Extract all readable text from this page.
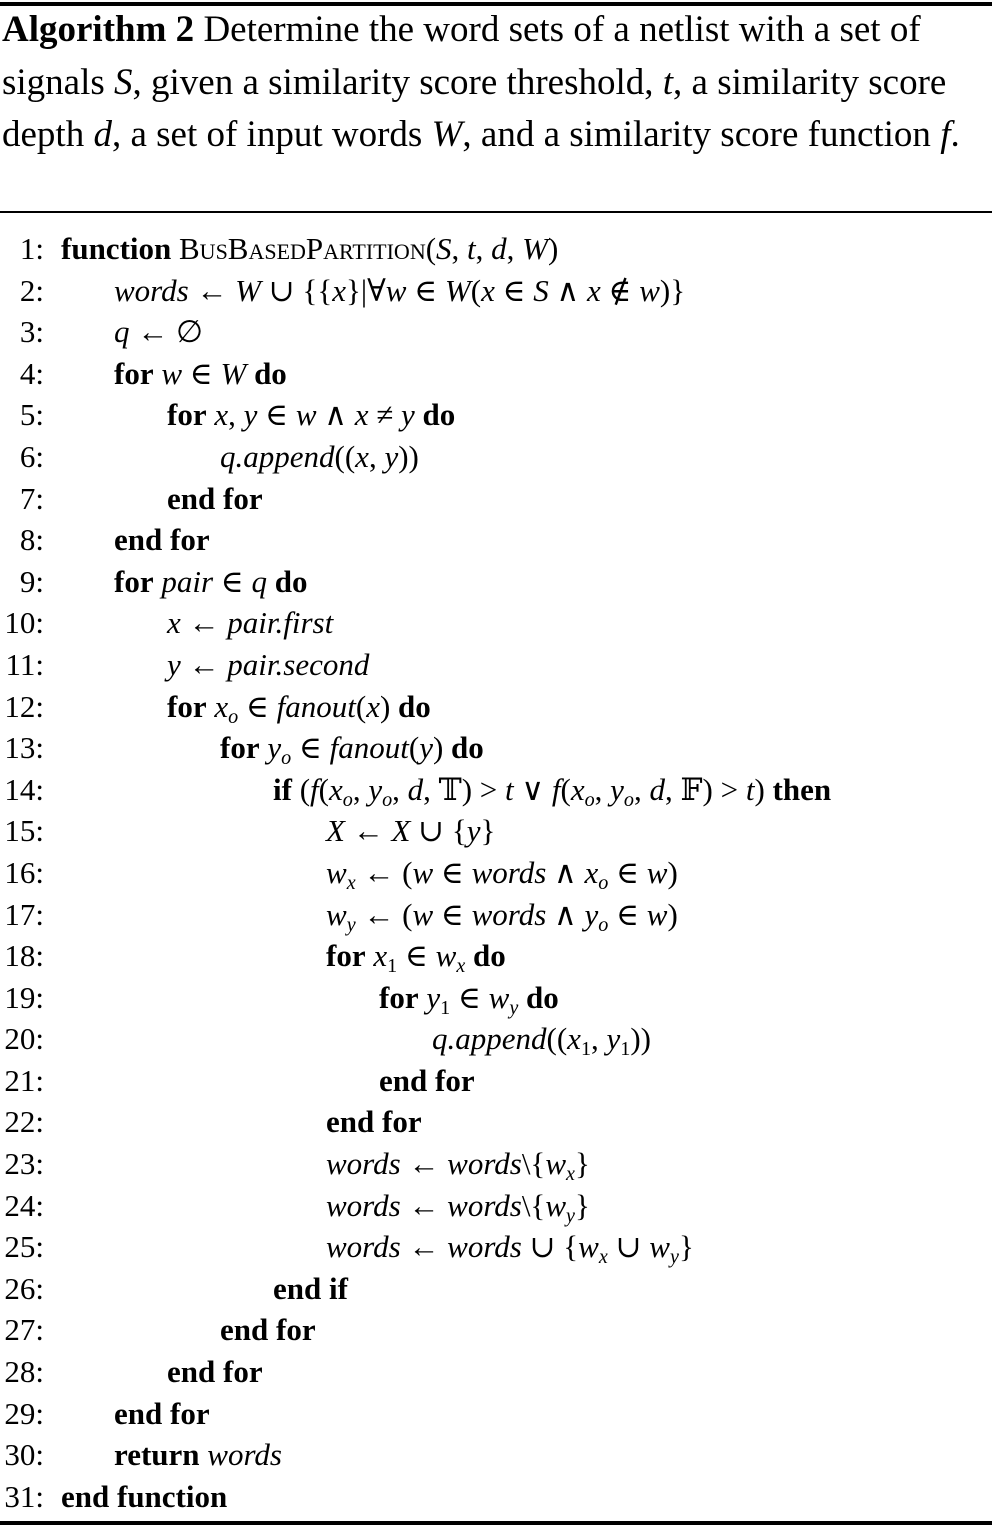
Algorithm 2 Determine the word sets of a netlist with a set of signals S, given a similarity score threshold, t, a similarity score depth d, a set of input words W, and a similarity score function f.
1: function BusBasedPartition(S, t, d, W)
2: words ← W ∪ {{x}|∀w ∈ W(x ∈ S ∧ x ∉ w)}
3: q ← ∅
4: for w ∈ W do
5:	for x, y ∈ w ∧ x ≠ y do
6:	q.append((x, y))
7:	end for
8: end for
9: for pair ∈ q do
10:	x ← pair.first
11:	y ← pair.second
12:	for $x_o$ ∈ fanout(x) do
13:	for $y_o$ ∈ fanout(y) do
14:	if ($f(x_o$, $y_o$, d, 𝕋) > t ∨ $f(x_o$, $y_o$, d, 𝔽) > t) then
15:	X ← X ∪ {y}
16:	$w_x$ ← (w ∈ words ∧ $x_o$ ∈ w)
17:	$w_y$ ← (w ∈ words ∧ $y_o$ ∈ w)
18:	for $x_1$ ∈ $w_x$ do
19:	for $y_1$ ∈ $w_y$ do
20:	$q.append((x_1$, $y_1$))
21:	end for
22:	end for
23:	words ← $words\backslash\{w_x\}$
24:	words ← $words\backslash\{w_y\}$
25:	words ← words ∪ {$w_x$ ∪ $w_y$}
26:	end if
27:	end for
28:	end for
29: end for
30: return words
31: end function
